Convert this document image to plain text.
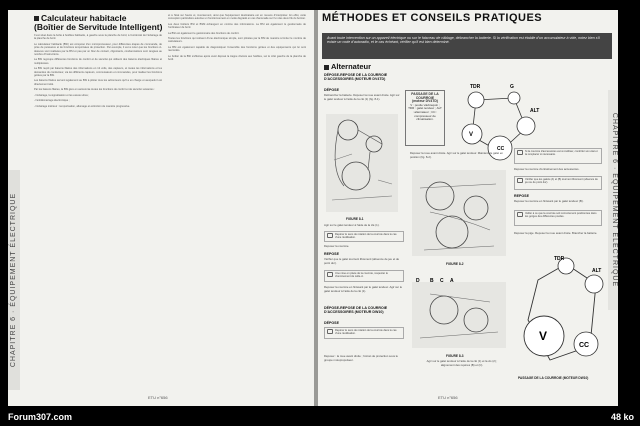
CHAPITRE 6 · ÉQUIPEMENT ÉLECTRIQUE
Calculateur habitacle
(Boîtier de Servitude Intelligent)

Il est situé dans la boîte à fusibles habitacle, à gauche sous la planche de bord, à l'extrémité de l'éclairage de la planche de bord.

Le calculateur habitacle (BSI) est composé d'un microprocesseur, pour différentes étapes de commande, de prise de puissance et de fonctions temporisées de protection. Par exemple, il est à noter que les fonctions ci-dessous sont réalisées par la BSI et pas par un bloc de contact, clignotants, condamnations sont rangées au nombre d'instructions.

La BSI regroupe différentes fonctions de confort et de sécurité qui utilisent des liaisons électriques filaires et multiplexées.

La BSI reçoit par liaisons filaires des informations en 12 volts, des capteurs, et toutes les informations et les demandes du conducteur, via les différents capteurs, commutateurs et commandes, pour réaliser les fonctions gérées par la BSI.

Les liaisons filaires servent également au BSI à piloter tous les actionneurs qu'il a en charge et auxquels il est directement relié.

Par les liaisons filaires, la BSI gère en autonomie toutes les fonctions de confort et de sécurité suivantes :

- l'éclairage, la signalisation et les essuie-vitres ;

- l'antidémarrage électronique ;

- l'éclairage intérieur : temporisation, allumage et extinction de manière progressive.

et à l'état sur l'autre et, inversement, ainsi que l'équipement destinataire est en mesure d'interpréter. En effet, cette conception particulière autorise un fonctionnement en mode dégradé en cas d'anomalie sur l'un des deux fils du bornier.

Les deux boîtiers BSI et BSM échangent en continu des informations. La BSI est également le gestionnaire de l'ordinateur de bord.

La BSI est également le gestionnaire des fonctions de confort.

Toutes les fonctions qui relèvent d'une électronique simple, sont pilotées par la BSI de manière à limiter le nombre de calculateurs.

La BSI est également capable de diagnostiquer l'ensemble des fonctions gérées et des équipements qui lui sont raccordés.

Le boîtier de la BSI s'effectue après avoir déposé la trappe d'accès aux fusibles, sur le côté gauche de la planche de bord.

ETU n°656
MÉTHODES ET CONSEILS PRATIQUES
Avant toute intervention sur un appareil électrique ou sur le faisceau de câblage, débrancher la batterie. Si la vérification est établie d'un accumulateur à vide, notez bien s'il existe un code d'autoradio, et le cas échéant, vérifier qu'il est bien déterminé.
Alternateur
DÉPOSE-REPOSE DE LA COURROIE D'ACCESSOIRES (MOTEUR DV4TD)
DÉPOSE
Débrancher la batterie. Déposer la roue avant droite. Agir sur le galet tendeur à l'aide de la clé (1) (fig. 8-1).
PASSAGE DE LA COURROIE
(moteur DV4TD)
V : poulie vilebrequin ; TDR : galet tendeur ; ALT : alternateur ; CC : compresseur de climatisation.
FIGURE 8-1
Agir sur le galet tendeur à l'aide de la clé (1).
Repérer le sens de rotation de la courroie dans le cas d'une réutilisation.
Déposer la courroie.
REPOSE
Vérifier que le galet tournent librement (absence de jeu et de point dur).
Une mise en place de la courroie, respecter le cheminement de celle-ci.
Reposer la courroie en finissant par le galet tendeur. Agir sur le galet tendeur à l'aide de la clé (1).
DÉPOSE-REPOSE DE LA COURROIE D'ACCESSOIRES (MOTEUR DW10)
DÉPOSE
Repérer le sens de rotation de la courroie dans le cas d'une réutilisation.
Déposer : la roue avant droite ; l'écran de protection sous le groupe motopropulseur.
TDR	G
ALT
CC
V
Déposer la roue avant droite. Agir sur le galet tendeur. Maintenir le galet en position (fig. 8-2).
FIGURE 8-2
D B C A
FIGURE 8-3
Agir sur le galet tendeur à l'aide de la clé (1) et la vis (2) ; alignement des repères (B) et (C).
Si la courroie d'accessoires est à réutiliser, contrôler son état et la remplacer si nécessaire.
Déposer la courroie d'entraînement des accessoires.
Vérifier que les galets (A) et (B) tournent librement (absence de jeu ou de point dur).
REPOSE
Reposer la courroie en finissant par le galet tendeur (B).
Veiller à ce que la courroie soit correctement positionnée dans les gorges des différentes poulies.
Déposer la pige. Reposer la roue avant droite. Brancher la batterie.
TDR
ALT
CC
V
PASSAGE DE LA COURROIE (MOTEUR DW10)
CHAPITRE 6 · ÉQUIPEMENT ÉLECTRIQUE
ETU n°656
Forum307.com	48 ko
